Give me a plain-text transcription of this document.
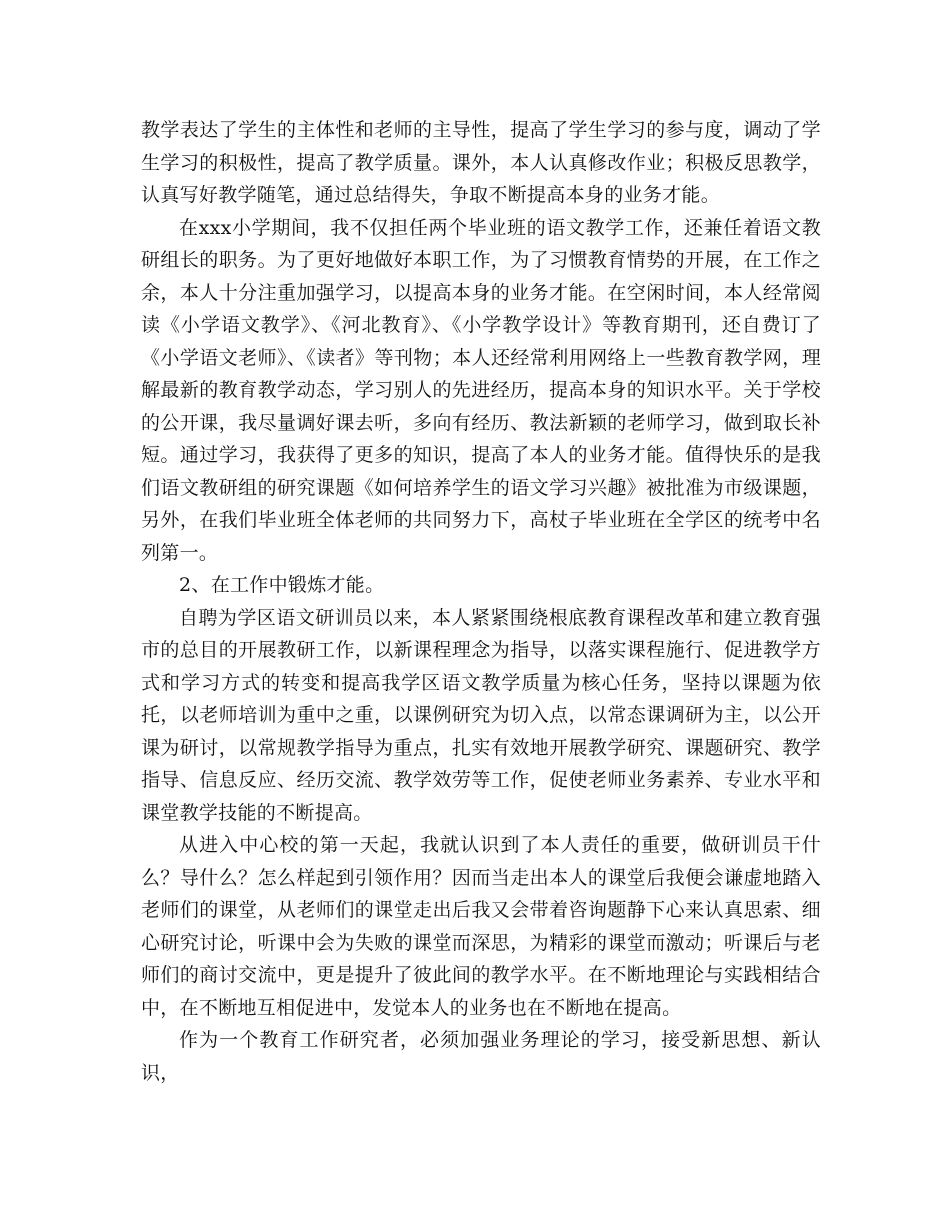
教学表达了学生的主体性和老师的主导性，提高了学生学习的参与度，调动了学生学习的积极性，提高了教学质量。课外，本人认真修改作业；积极反思教学，认真写好教学随笔，通过总结得失，争取不断提高本身的业务才能。

在xxx小学期间，我不仅担任两个毕业班的语文教学工作，还兼任着语文教研组长的职务。为了更好地做好本职工作，为了习惯教育情势的开展，在工作之余，本人十分注重加强学习，以提高本身的业务才能。在空闲时间，本人经常阅读《小学语文教学》、《河北教育》、《小学教学设计》等教育期刊，还自费订了《小学语文老师》、《读者》等刊物；本人还经常利用网络上一些教育教学网，理解最新的教育教学动态，学习别人的先进经历，提高本身的知识水平。关于学校的公开课，我尽量调好课去听，多向有经历、教法新颖的老师学习，做到取长补短。通过学习，我获得了更多的知识，提高了本人的业务才能。值得快乐的是我们语文教研组的研究课题《如何培养学生的语文学习兴趣》被批准为市级课题，另外，在我们毕业班全体老师的共同努力下，高杖子毕业班在全学区的统考中名列第一。

2、在工作中锻炼才能。

自聘为学区语文研训员以来，本人紧紧围绕根底教育课程改革和建立教育强市的总目的开展教研工作，以新课程理念为指导，以落实课程施行、促进教学方式和学习方式的转变和提高我学区语文教学质量为核心任务，坚持以课题为依托，以老师培训为重中之重，以课例研究为切入点，以常态课调研为主，以公开课为研讨，以常规教学指导为重点，扎实有效地开展教学研究、课题研究、教学指导、信息反应、经历交流、教学效劳等工作，促使老师业务素养、专业水平和课堂教学技能的不断提高。

从进入中心校的第一天起，我就认识到了本人责任的重要，做研训员干什么？导什么？怎么样起到引领作用？因而当走出本人的课堂后我便会谦虚地踏入老师们的课堂，从老师们的课堂走出后我又会带着咨询题静下心来认真思索、细心研究讨论，听课中会为失败的课堂而深思，为精彩的课堂而激动；听课后与老师们的商讨交流中，更是提升了彼此间的教学水平。在不断地理论与实践相结合中，在不断地互相促进中，发觉本人的业务也在不断地在提高。

作为一个教育工作研究者，必须加强业务理论的学习，接受新思想、新认识，
